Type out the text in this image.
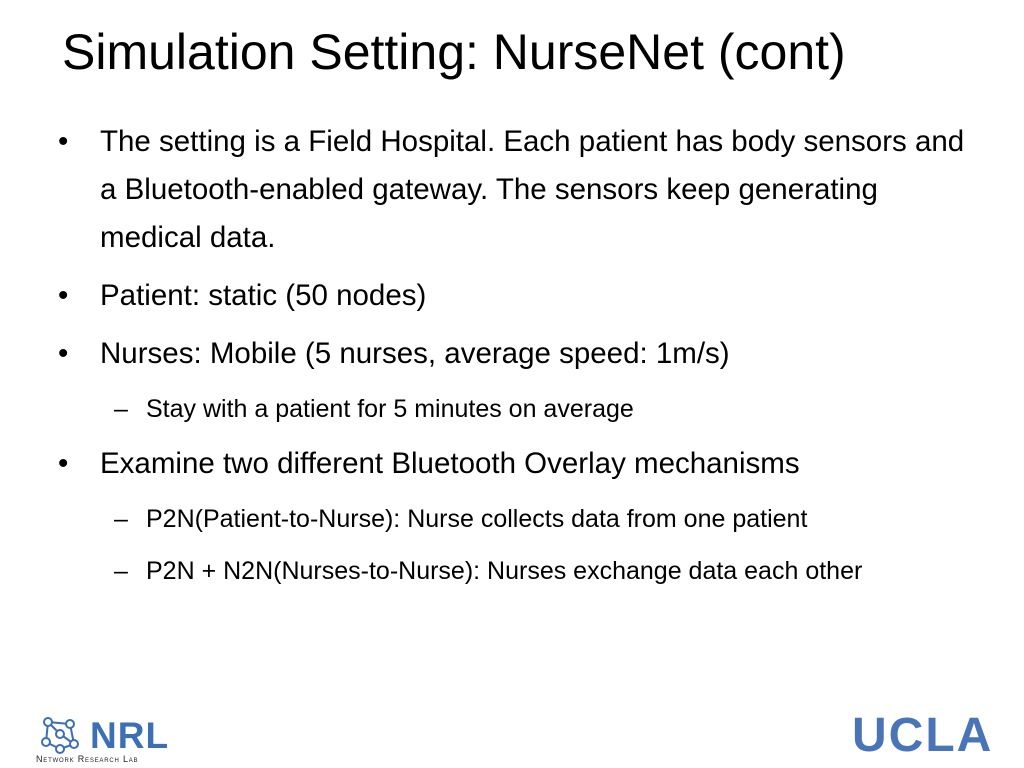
Simulation Setting: NurseNet (cont)
• The setting is a Field Hospital. Each patient has body sensors and a Bluetooth-enabled gateway. The sensors keep generating medical data.
• Patient: static (50 nodes)
• Nurses: Mobile (5 nurses, average speed: 1m/s)
– Stay with a patient for 5 minutes on average
• Examine two different Bluetooth Overlay mechanisms
– P2N(Patient-to-Nurse): Nurse collects data from one patient
– P2N + N2N(Nurses-to-Nurse): Nurses exchange data each other
NRL
Network Research Lab	UCLA
